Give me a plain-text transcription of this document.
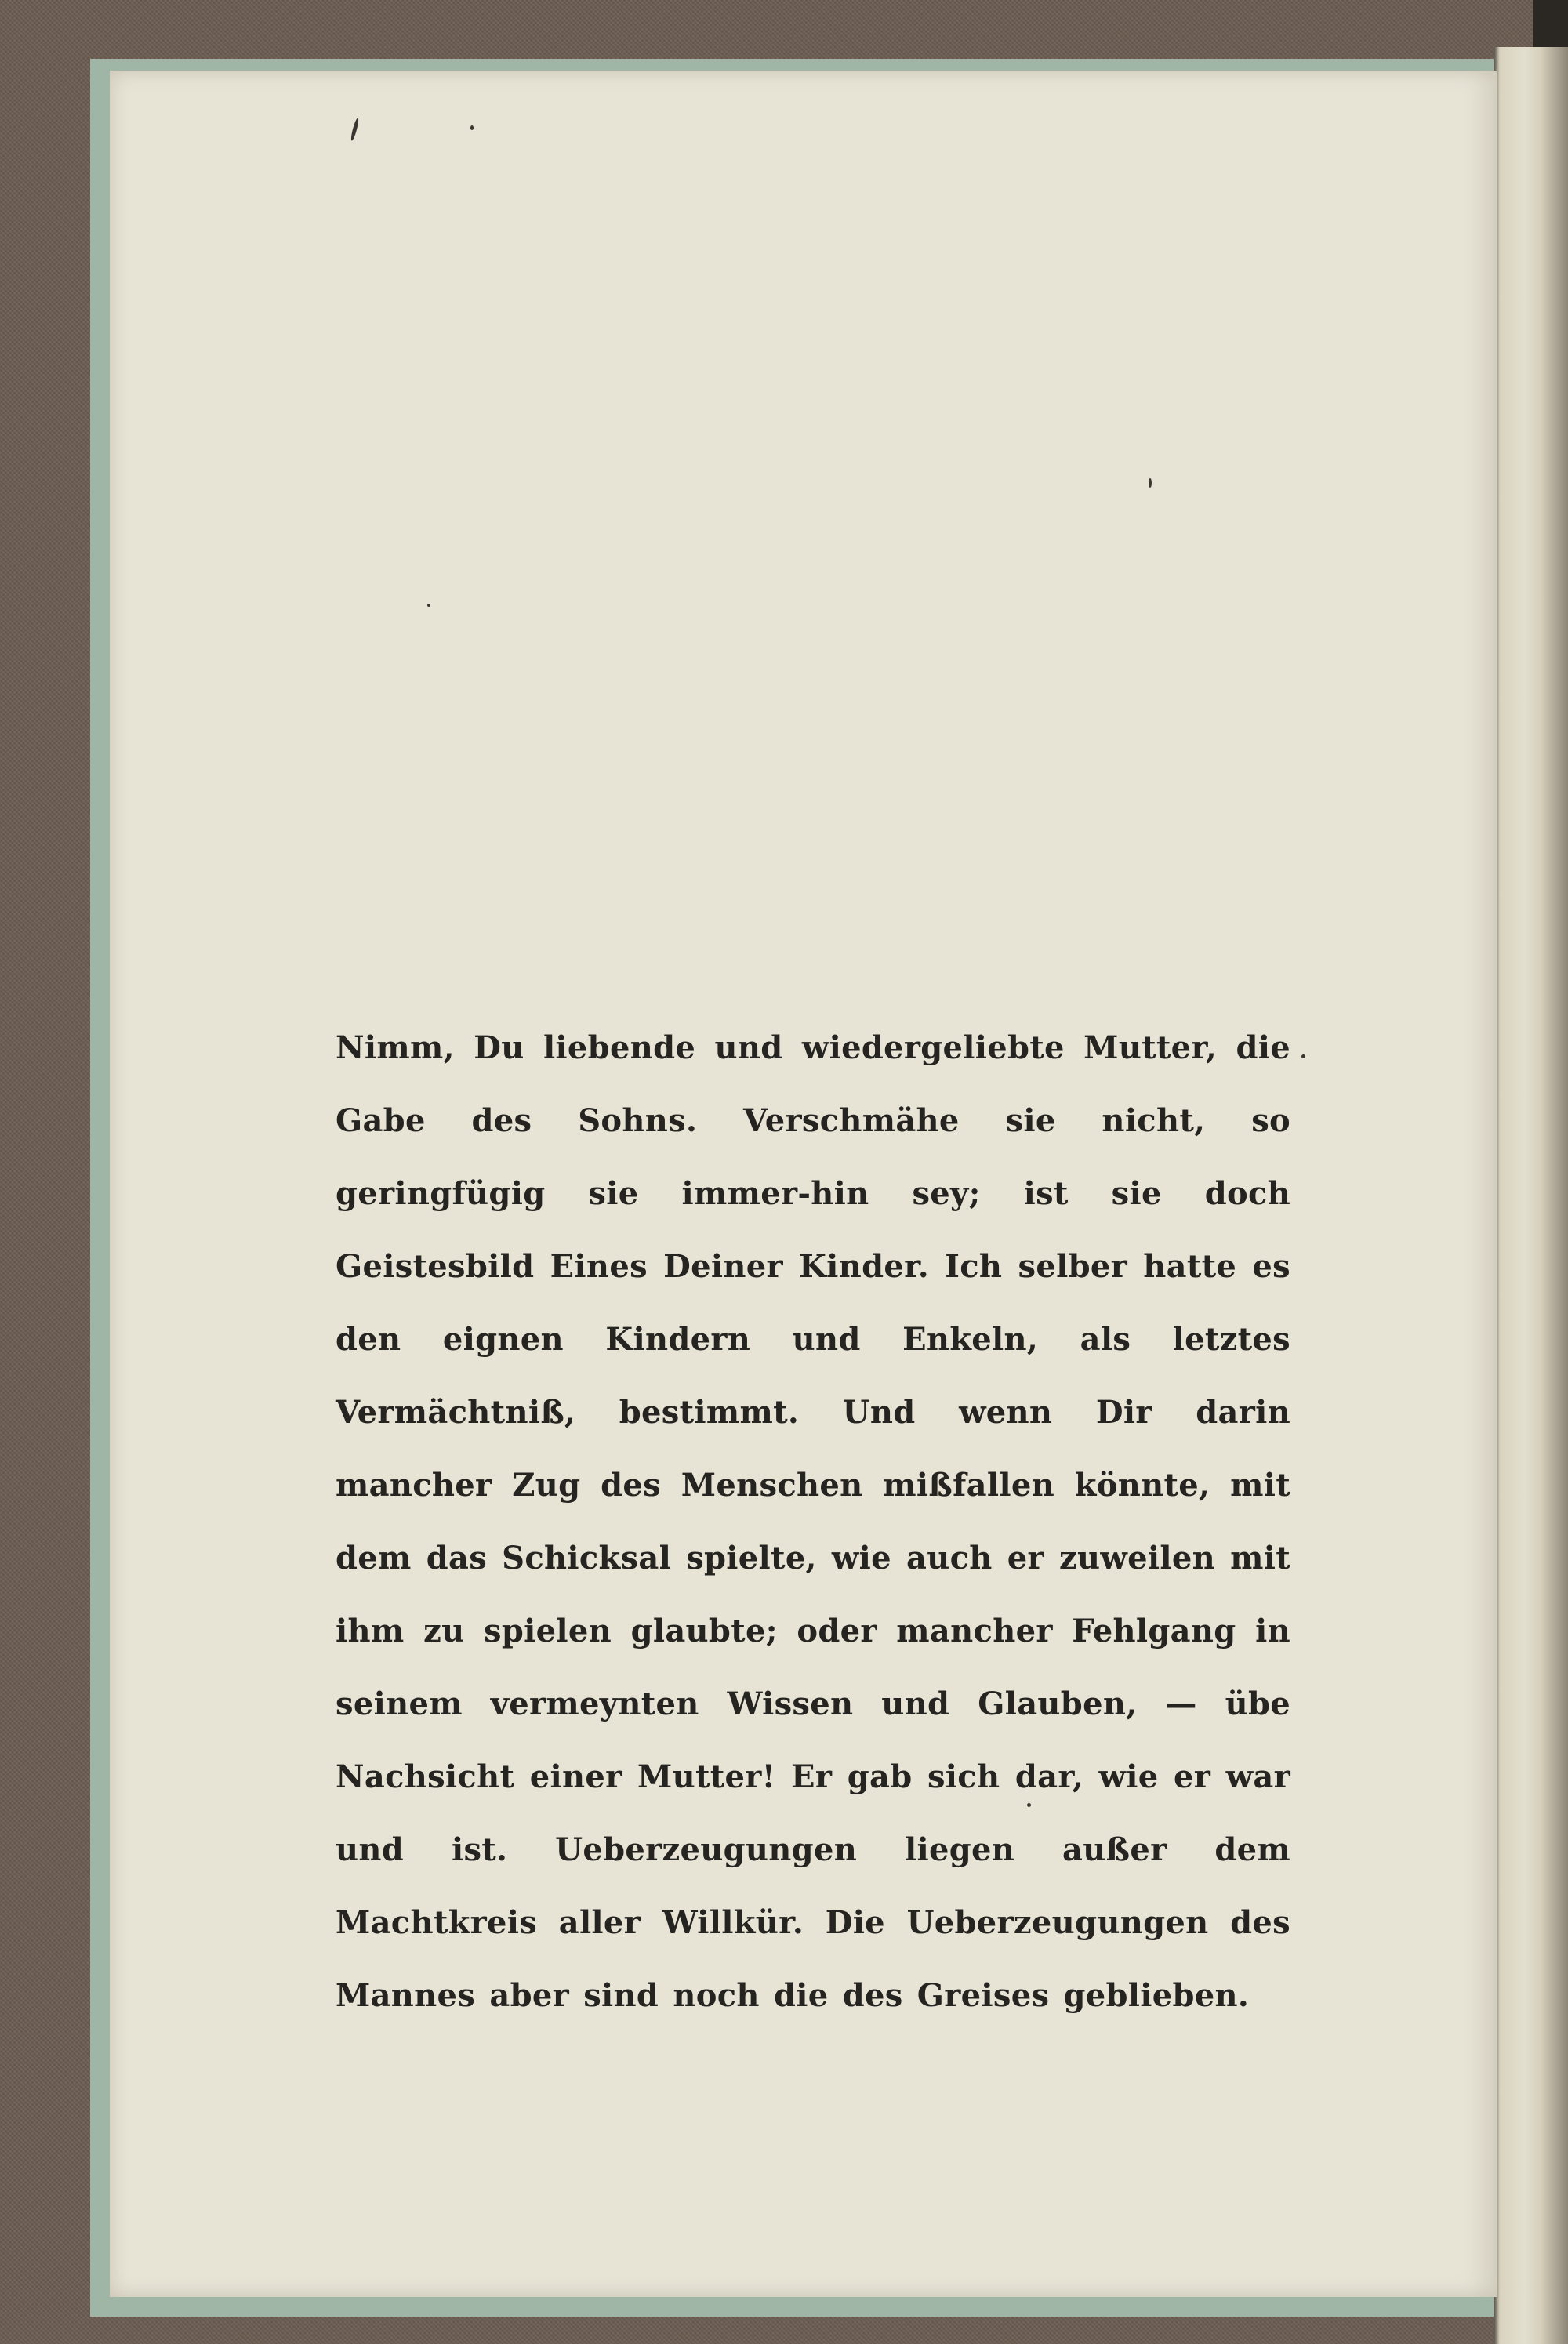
Nimm, Du liebende und wiedergeliebte Mutter, die Gabe des Sohns. Verschmähe sie nicht, so geringfügig sie immer-hin sey; ist sie doch Geistesbild Eines Deiner Kinder. Ich selber hatte es den eignen Kindern und Enkeln, als letztes Vermächtniß, bestimmt. Und wenn Dir darin mancher Zug des Menschen mißfallen könnte, mit dem das Schicksal spielte, wie auch er zuweilen mit ihm zu spielen glaubte; oder mancher Fehlgang in seinem vermeynten Wissen und Glauben, — übe Nachsicht einer Mutter! Er gab sich dar, wie er war und ist. Ueberzeugungen liegen außer dem Machtkreis aller Willkür. Die Ueberzeugungen des Mannes aber sind noch die des Greises geblieben.
